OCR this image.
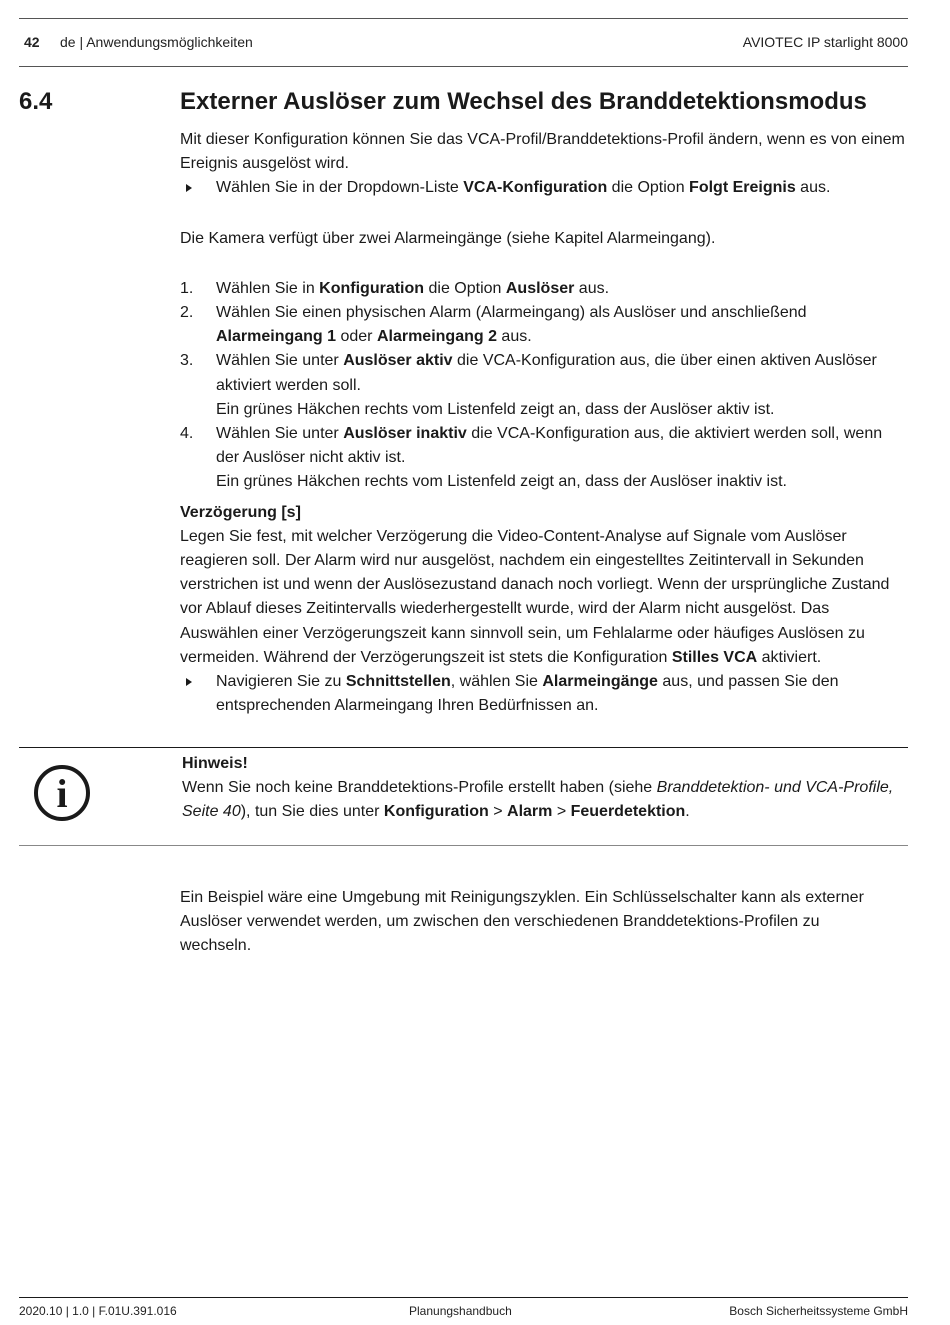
42 de | Anwendungsmöglichkeiten	AVIOTEC IP starlight 8000
6.4	Externer Auslöser zum Wechsel des Branddetektionsmodus

Mit dieser Konfiguration können Sie das VCA-Profil/Branddetektions-Profil ändern, wenn es von einem Ereignis ausgelöst wird.

Wählen Sie in der Dropdown-Liste VCA-Konfiguration die Option Folgt Ereignis aus.

Die Kamera verfügt über zwei Alarmeingänge (siehe Kapitel Alarmeingang).

1. Wählen Sie in Konfiguration die Option Auslöser aus.
2. Wählen Sie einen physischen Alarm (Alarmeingang) als Auslöser und anschließend Alarmeingang 1 oder Alarmeingang 2 aus.
3. Wählen Sie unter Auslöser aktiv die VCA-Konfiguration aus, die über einen aktiven Auslöser aktiviert werden soll.
Ein grünes Häkchen rechts vom Listenfeld zeigt an, dass der Auslöser aktiv ist.
4. Wählen Sie unter Auslöser inaktiv die VCA-Konfiguration aus, die aktiviert werden soll, wenn der Auslöser nicht aktiv ist.
Ein grünes Häkchen rechts vom Listenfeld zeigt an, dass der Auslöser inaktiv ist.

Verzögerung [s]

Legen Sie fest, mit welcher Verzögerung die Video-Content-Analyse auf Signale vom Auslöser reagieren soll. Der Alarm wird nur ausgelöst, nachdem ein eingestelltes Zeitintervall in Sekunden verstrichen ist und wenn der Auslösezustand danach noch vorliegt. Wenn der ursprüngliche Zustand vor Ablauf dieses Zeitintervalls wiederhergestellt wurde, wird der Alarm nicht ausgelöst. Das Auswählen einer Verzögerungszeit kann sinnvoll sein, um Fehlalarme oder häufiges Auslösen zu vermeiden. Während der Verzögerungszeit ist stets die Konfiguration Stilles VCA aktiviert.

Navigieren Sie zu Schnittstellen, wählen Sie Alarmeingänge aus, und passen Sie den entsprechenden Alarmeingang Ihren Bedürfnissen an.
i

Hinweis!

Wenn Sie noch keine Branddetektions-Profile erstellt haben (siehe Branddetektion- und VCA-Profile, Seite 40), tun Sie dies unter Konfiguration > Alarm > Feuerdetektion.

Ein Beispiel wäre eine Umgebung mit Reinigungszyklen. Ein Schlüsselschalter kann als externer Auslöser verwendet werden, um zwischen den verschiedenen Branddetektions-Profilen zu wechseln.

2020.10 | 1.0 | F.01U.391.016	Planungshandbuch	Bosch Sicherheitssysteme GmbH
